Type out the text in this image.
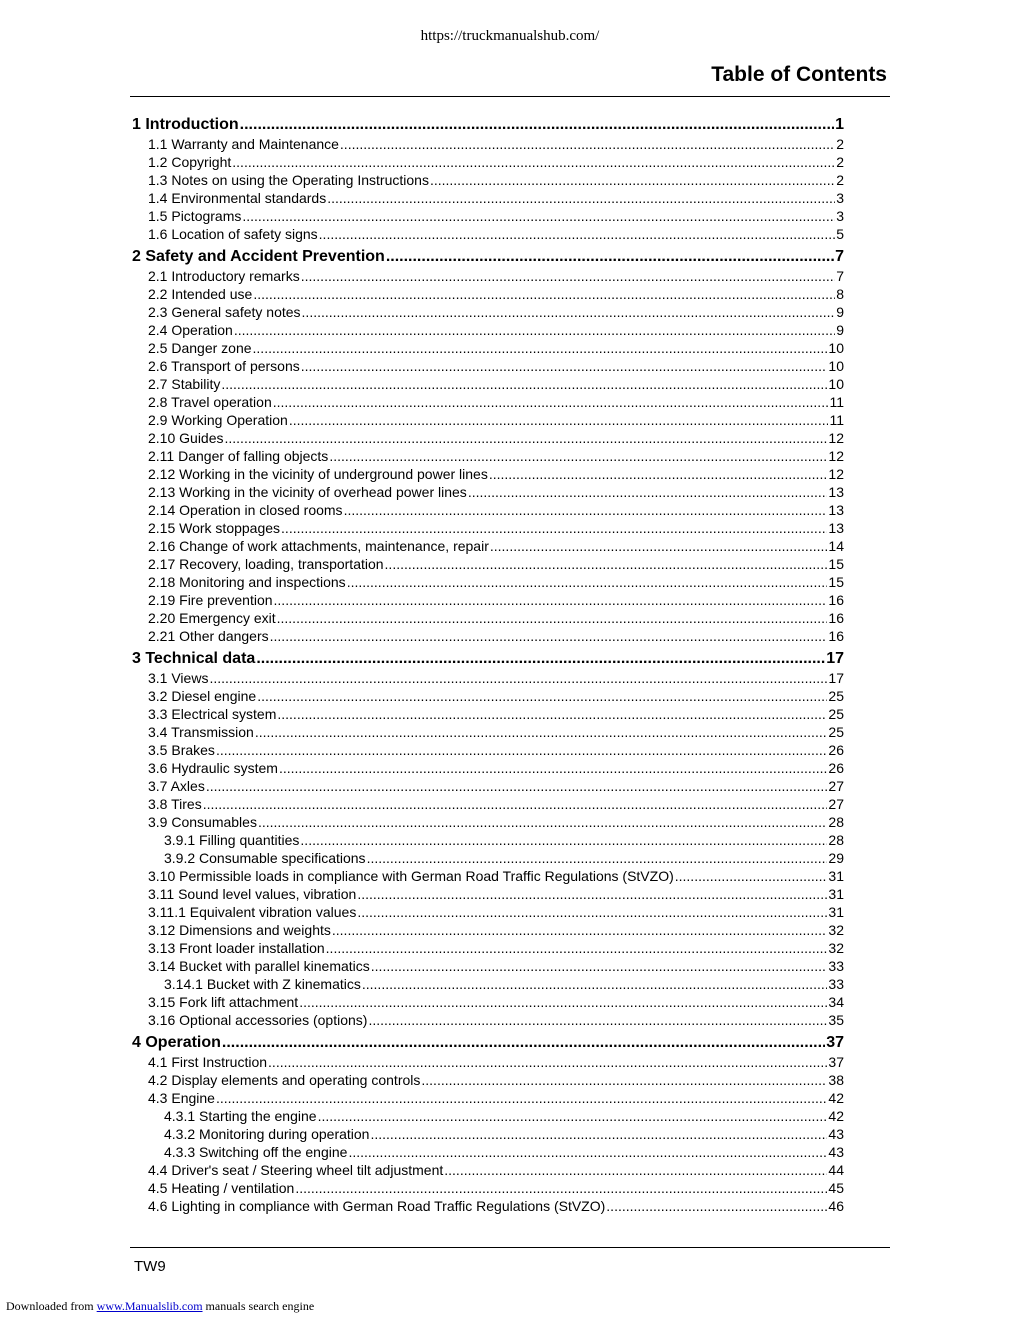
https://truckmanualshub.com/
Table of Contents
1 Introduction .....	1
1.1 Warranty and Maintenance .....	2
1.2 Copyright .....	2
1.3 Notes on using the Operating Instructions .....	2
1.4 Environmental standards .....	3
1.5 Pictograms .....	3
1.6 Location of safety signs .....	5
2 Safety and Accident Prevention .....	7
2.1 Introductory remarks .....	7
2.2 Intended use .....	8
2.3 General safety notes .....	9
2.4 Operation .....	9
2.5 Danger zone .....	10
2.6 Transport of persons .....	10
2.7 Stability .....	10
2.8 Travel operation .....	11
2.9 Working Operation .....	11
2.10 Guides .....	12
2.11 Danger of falling objects .....	12
2.12 Working in the vicinity of underground power lines .....	12
2.13 Working in the vicinity of overhead power lines .....	13
2.14 Operation in closed rooms .....	13
2.15 Work stoppages .....	13
2.16 Change of work attachments, maintenance, repair .....	14
2.17 Recovery, loading, transportation .....	15
2.18 Monitoring and inspections .....	15
2.19 Fire prevention .....	16
2.20 Emergency exit .....	16
2.21 Other dangers .....	16
3 Technical data .....	17
3.1 Views .....	17
3.2 Diesel engine .....	25
3.3 Electrical system .....	25
3.4 Transmission .....	25
3.5 Brakes .....	26
3.6 Hydraulic system .....	26
3.7 Axles .....	27
3.8 Tires .....	27
3.9 Consumables .....	28
3.9.1 Filling quantities .....	28
3.9.2 Consumable specifications .....	29
3.10 Permissible loads in compliance with German Road Traffic Regulations (StVZO) .....	31
3.11 Sound level values, vibration .....	31
3.11.1 Equivalent vibration values .....	31
3.12 Dimensions and weights .....	32
3.13 Front loader installation .....	32
3.14 Bucket with parallel kinematics .....	33
3.14.1 Bucket with Z kinematics .....	33
3.15 Fork lift attachment .....	34
3.16 Optional accessories (options) .....	35
4 Operation .....	37
4.1 First Instruction .....	37
4.2 Display elements and operating controls .....	38
4.3 Engine .....	42
4.3.1 Starting the engine .....	42
4.3.2 Monitoring during operation .....	43
4.3.3 Switching off the engine .....	43
4.4 Driver's seat / Steering wheel tilt adjustment .....	44
4.5 Heating / ventilation .....	45
4.6 Lighting in compliance with German Road Traffic Regulations (StVZO) .....	46
TW9
Downloaded from www.Manualslib.com manuals search engine
